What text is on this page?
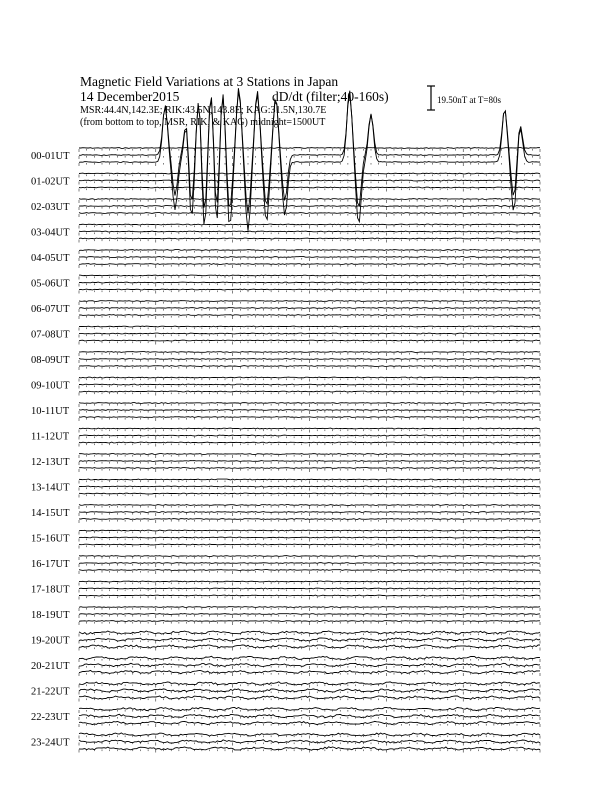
Magnetic Field Variations at 3 Stations in Japan
14 December2015	dD/dt (filter;40-160s)
MSR:44.4N,142.3E; RIK:43.5N,143.8E; KAG:31.5N,130.7E
(from bottom to top, MSR, RIK, & KAG) midnight=1500UT
19.50nT at T=80s
00-01UT
01-02UT
02-03UT
03-04UT
04-05UT
05-06UT
06-07UT
07-08UT
08-09UT
09-10UT
10-11UT
11-12UT
12-13UT
13-14UT
14-15UT
15-16UT
16-17UT
17-18UT
18-19UT
19-20UT
20-21UT
21-22UT
22-23UT
23-24UT
